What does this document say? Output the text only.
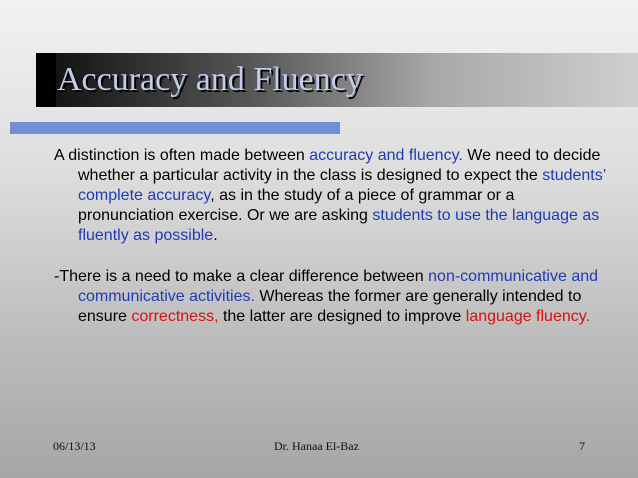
Accuracy and Fluency

A distinction is often made between accuracy and fluency. We need to decide whether a particular activity in the class is designed to expect the students’ complete accuracy, as in the study of a piece of grammar or a pronunciation exercise. Or we are asking students to use the language as fluently as possible.

-There is a need to make a clear difference between non-communicative and communicative activities. Whereas the former are generally intended to ensure correctness, the latter are designed to improve language fluency.

06/13/13	Dr. Hanaa El-Baz	7
